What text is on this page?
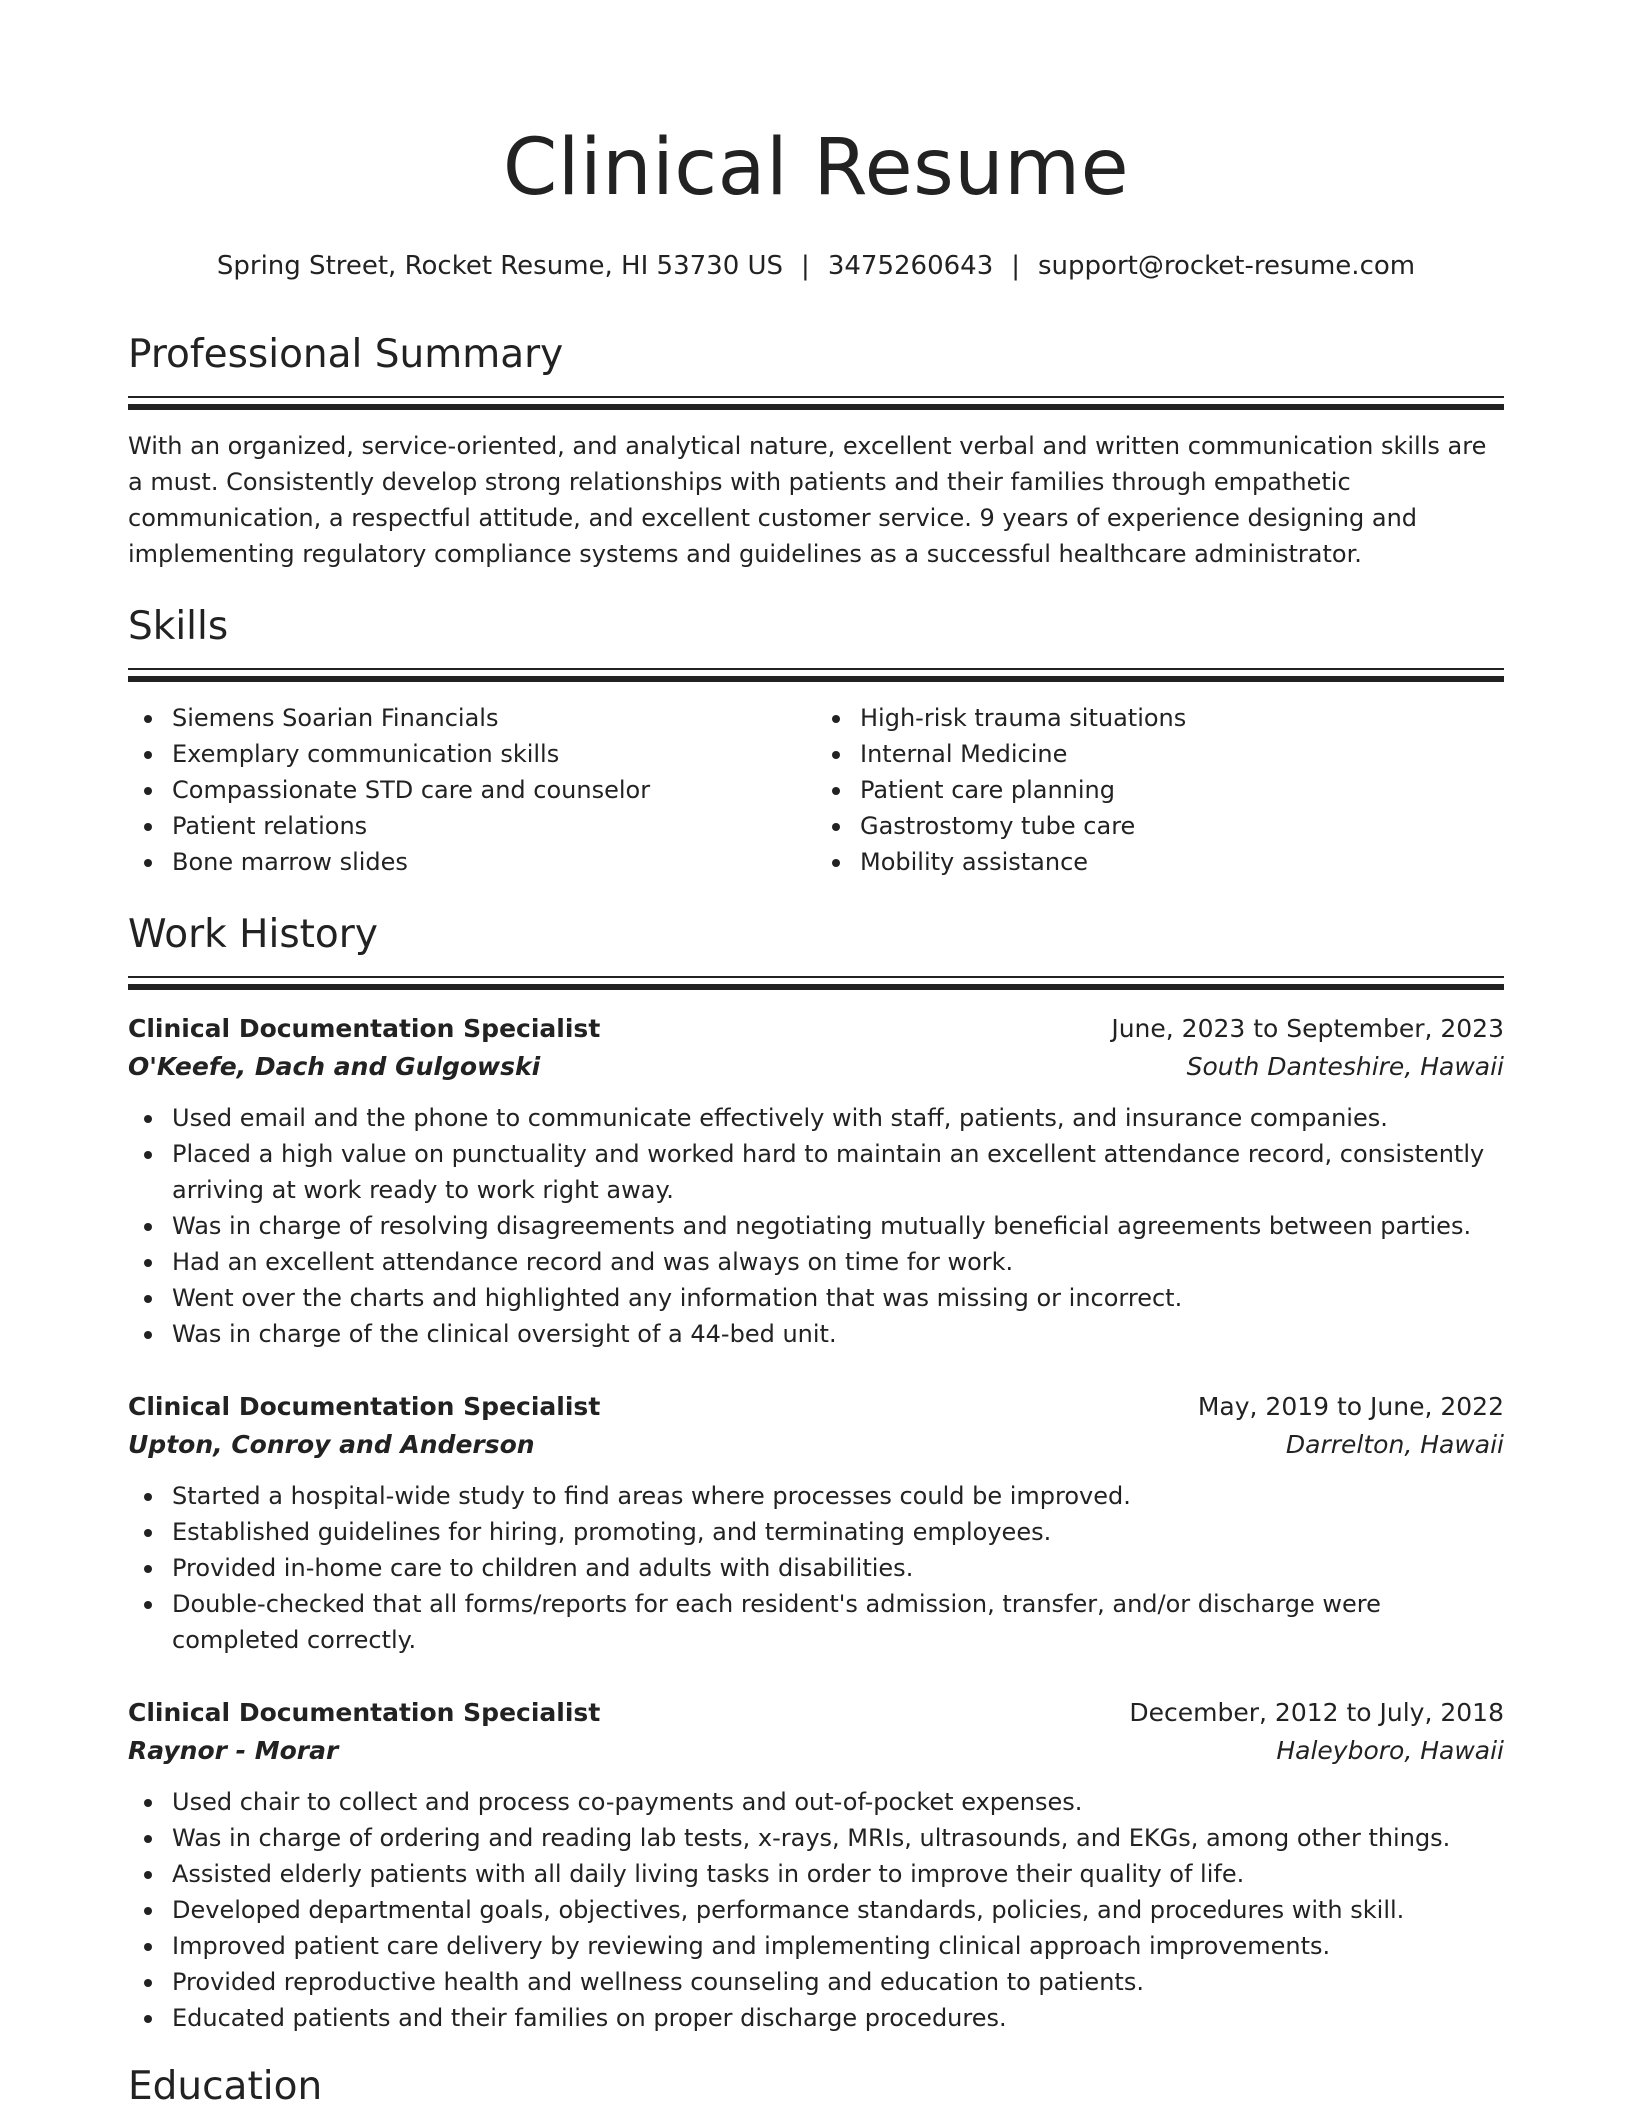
Clinical Resume
Spring Street, Rocket Resume, HI 53730 US | 3475260643 | support@rocket-resume.com
Professional Summary

With an organized, service-oriented, and analytical nature, excellent verbal and written communication skills are a must. Consistently develop strong relationships with patients and their families through empathetic communication, a respectful attitude, and excellent customer service. 9 years of experience designing and implementing regulatory compliance systems and guidelines as a successful healthcare administrator.

Skills
Siemens Soarian Financials
Exemplary communication skills
Compassionate STD care and counselor
Patient relations
Bone marrow slides
High-risk trauma situations
Internal Medicine
Patient care planning
Gastrostomy tube care
Mobility assistance
Work History
Clinical Documentation Specialist	June, 2023 to September, 2023
O'Keefe, Dach and Gulgowski	South Danteshire, Hawaii
Used email and the phone to communicate effectively with staff, patients, and insurance companies.
Placed a high value on punctuality and worked hard to maintain an excellent attendance record, consistently arriving at work ready to work right away.
Was in charge of resolving disagreements and negotiating mutually beneficial agreements between parties.
Had an excellent attendance record and was always on time for work.
Went over the charts and highlighted any information that was missing or incorrect.
Was in charge of the clinical oversight of a 44-bed unit.
Clinical Documentation Specialist	May, 2019 to June, 2022
Upton, Conroy and Anderson	Darrelton, Hawaii
Started a hospital-wide study to find areas where processes could be improved.
Established guidelines for hiring, promoting, and terminating employees.
Provided in-home care to children and adults with disabilities.
Double-checked that all forms/reports for each resident's admission, transfer, and/or discharge were completed correctly.
Clinical Documentation Specialist	December, 2012 to July, 2018
Raynor - Morar	Haleyboro, Hawaii
Used chair to collect and process co-payments and out-of-pocket expenses.
Was in charge of ordering and reading lab tests, x-rays, MRIs, ultrasounds, and EKGs, among other things.
Assisted elderly patients with all daily living tasks in order to improve their quality of life.
Developed departmental goals, objectives, performance standards, policies, and procedures with skill.
Improved patient care delivery by reviewing and implementing clinical approach improvements.
Provided reproductive health and wellness counseling and education to patients.
Educated patients and their families on proper discharge procedures.
Education
